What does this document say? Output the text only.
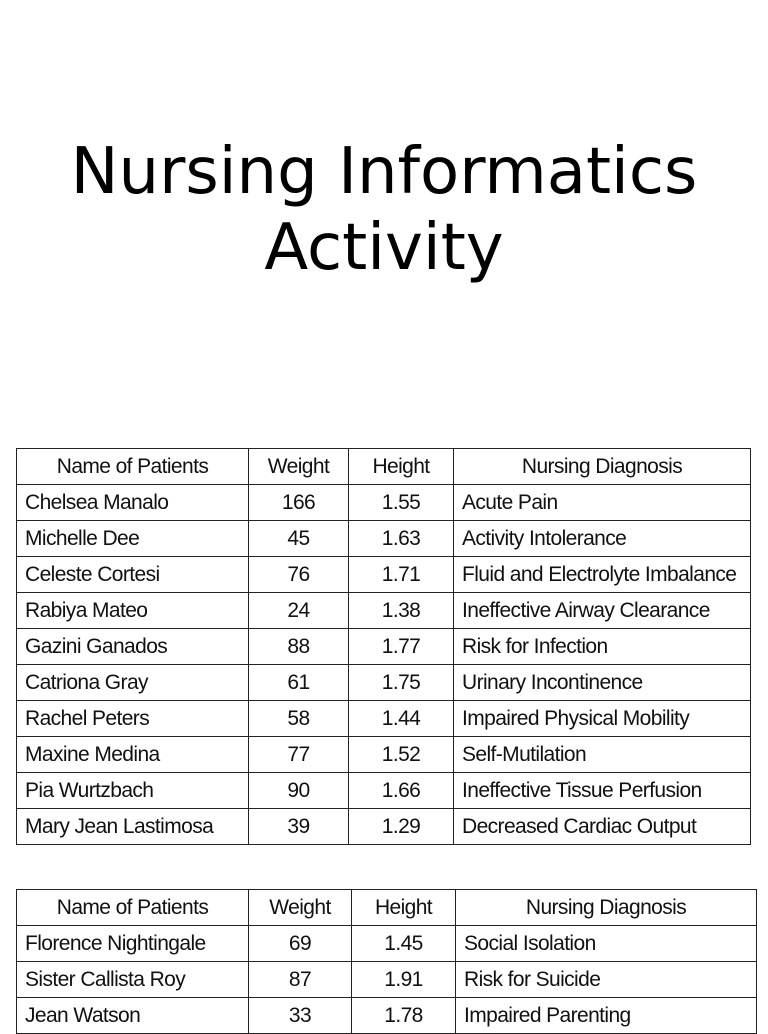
Nursing Informatics
Activity
Name of Patients	Weight	Height	Nursing Diagnosis
Chelsea Manalo	166	1.55	Acute Pain
Michelle Dee	45	1.63	Activity Intolerance
Celeste Cortesi	76	1.71	Fluid and Electrolyte Imbalance
Rabiya Mateo	24	1.38	Ineffective Airway Clearance
Gazini Ganados	88	1.77	Risk for Infection
Catriona Gray	61	1.75	Urinary Incontinence
Rachel Peters	58	1.44	Impaired Physical Mobility
Maxine Medina	77	1.52	Self-Mutilation
Pia Wurtzbach	90	1.66	Ineffective Tissue Perfusion
Mary Jean Lastimosa	39	1.29	Decreased Cardiac Output
Name of Patients	Weight	Height	Nursing Diagnosis
Florence Nightingale	69	1.45	Social Isolation
Sister Callista Roy	87	1.91	Risk for Suicide
Jean Watson	33	1.78	Impaired Parenting
